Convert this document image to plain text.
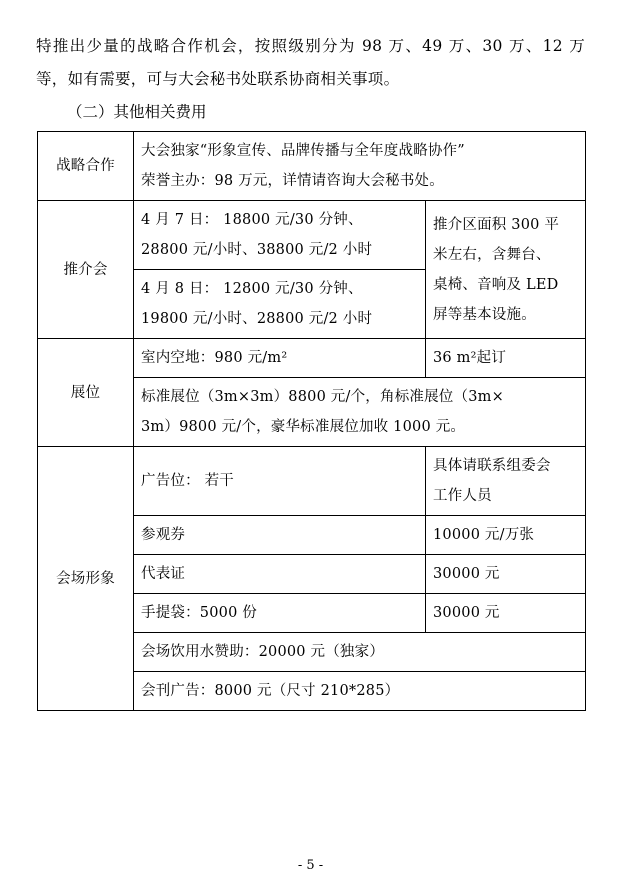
特推出少量的战略合作机会，按照级别分为 98 万、49 万、30 万、12 万等，如有需要，可与大会秘书处联系协商相关事项。
（二）其他相关费用
战略合作	大会独家“形象宣传、品牌传播与全年度战略协作”
荣誉主办：98 万元，详情请咨询大会秘书处。	

推介会	4 月 7 日： 18800 元/30 分钟、
28800 元/小时、38800 元/2 小时	推介区面积 300 平
米左右，含舞台、
桌椅、音响及 LED
屏等基本设施。

	4 月 8 日： 12800 元/30 分钟、
19800 元/小时、28800 元/2 小时	

展位	室内空地：980 元/m²	36 m²起订

	标准展位（3m×3m）8800 元/个，角标准展位（3m×
3m）9800 元/个，豪华标准展位加收 1000 元。	

会场形象	广告位： 若干	具体请联系组委会
工作人员

	参观券	10000 元/万张
	代表证	30000 元
	手提袋：5000 份	30000 元
	会场饮用水赞助：20000 元（独家）	
	会刊广告：8000 元（尺寸 210*285）	
- 5 -
